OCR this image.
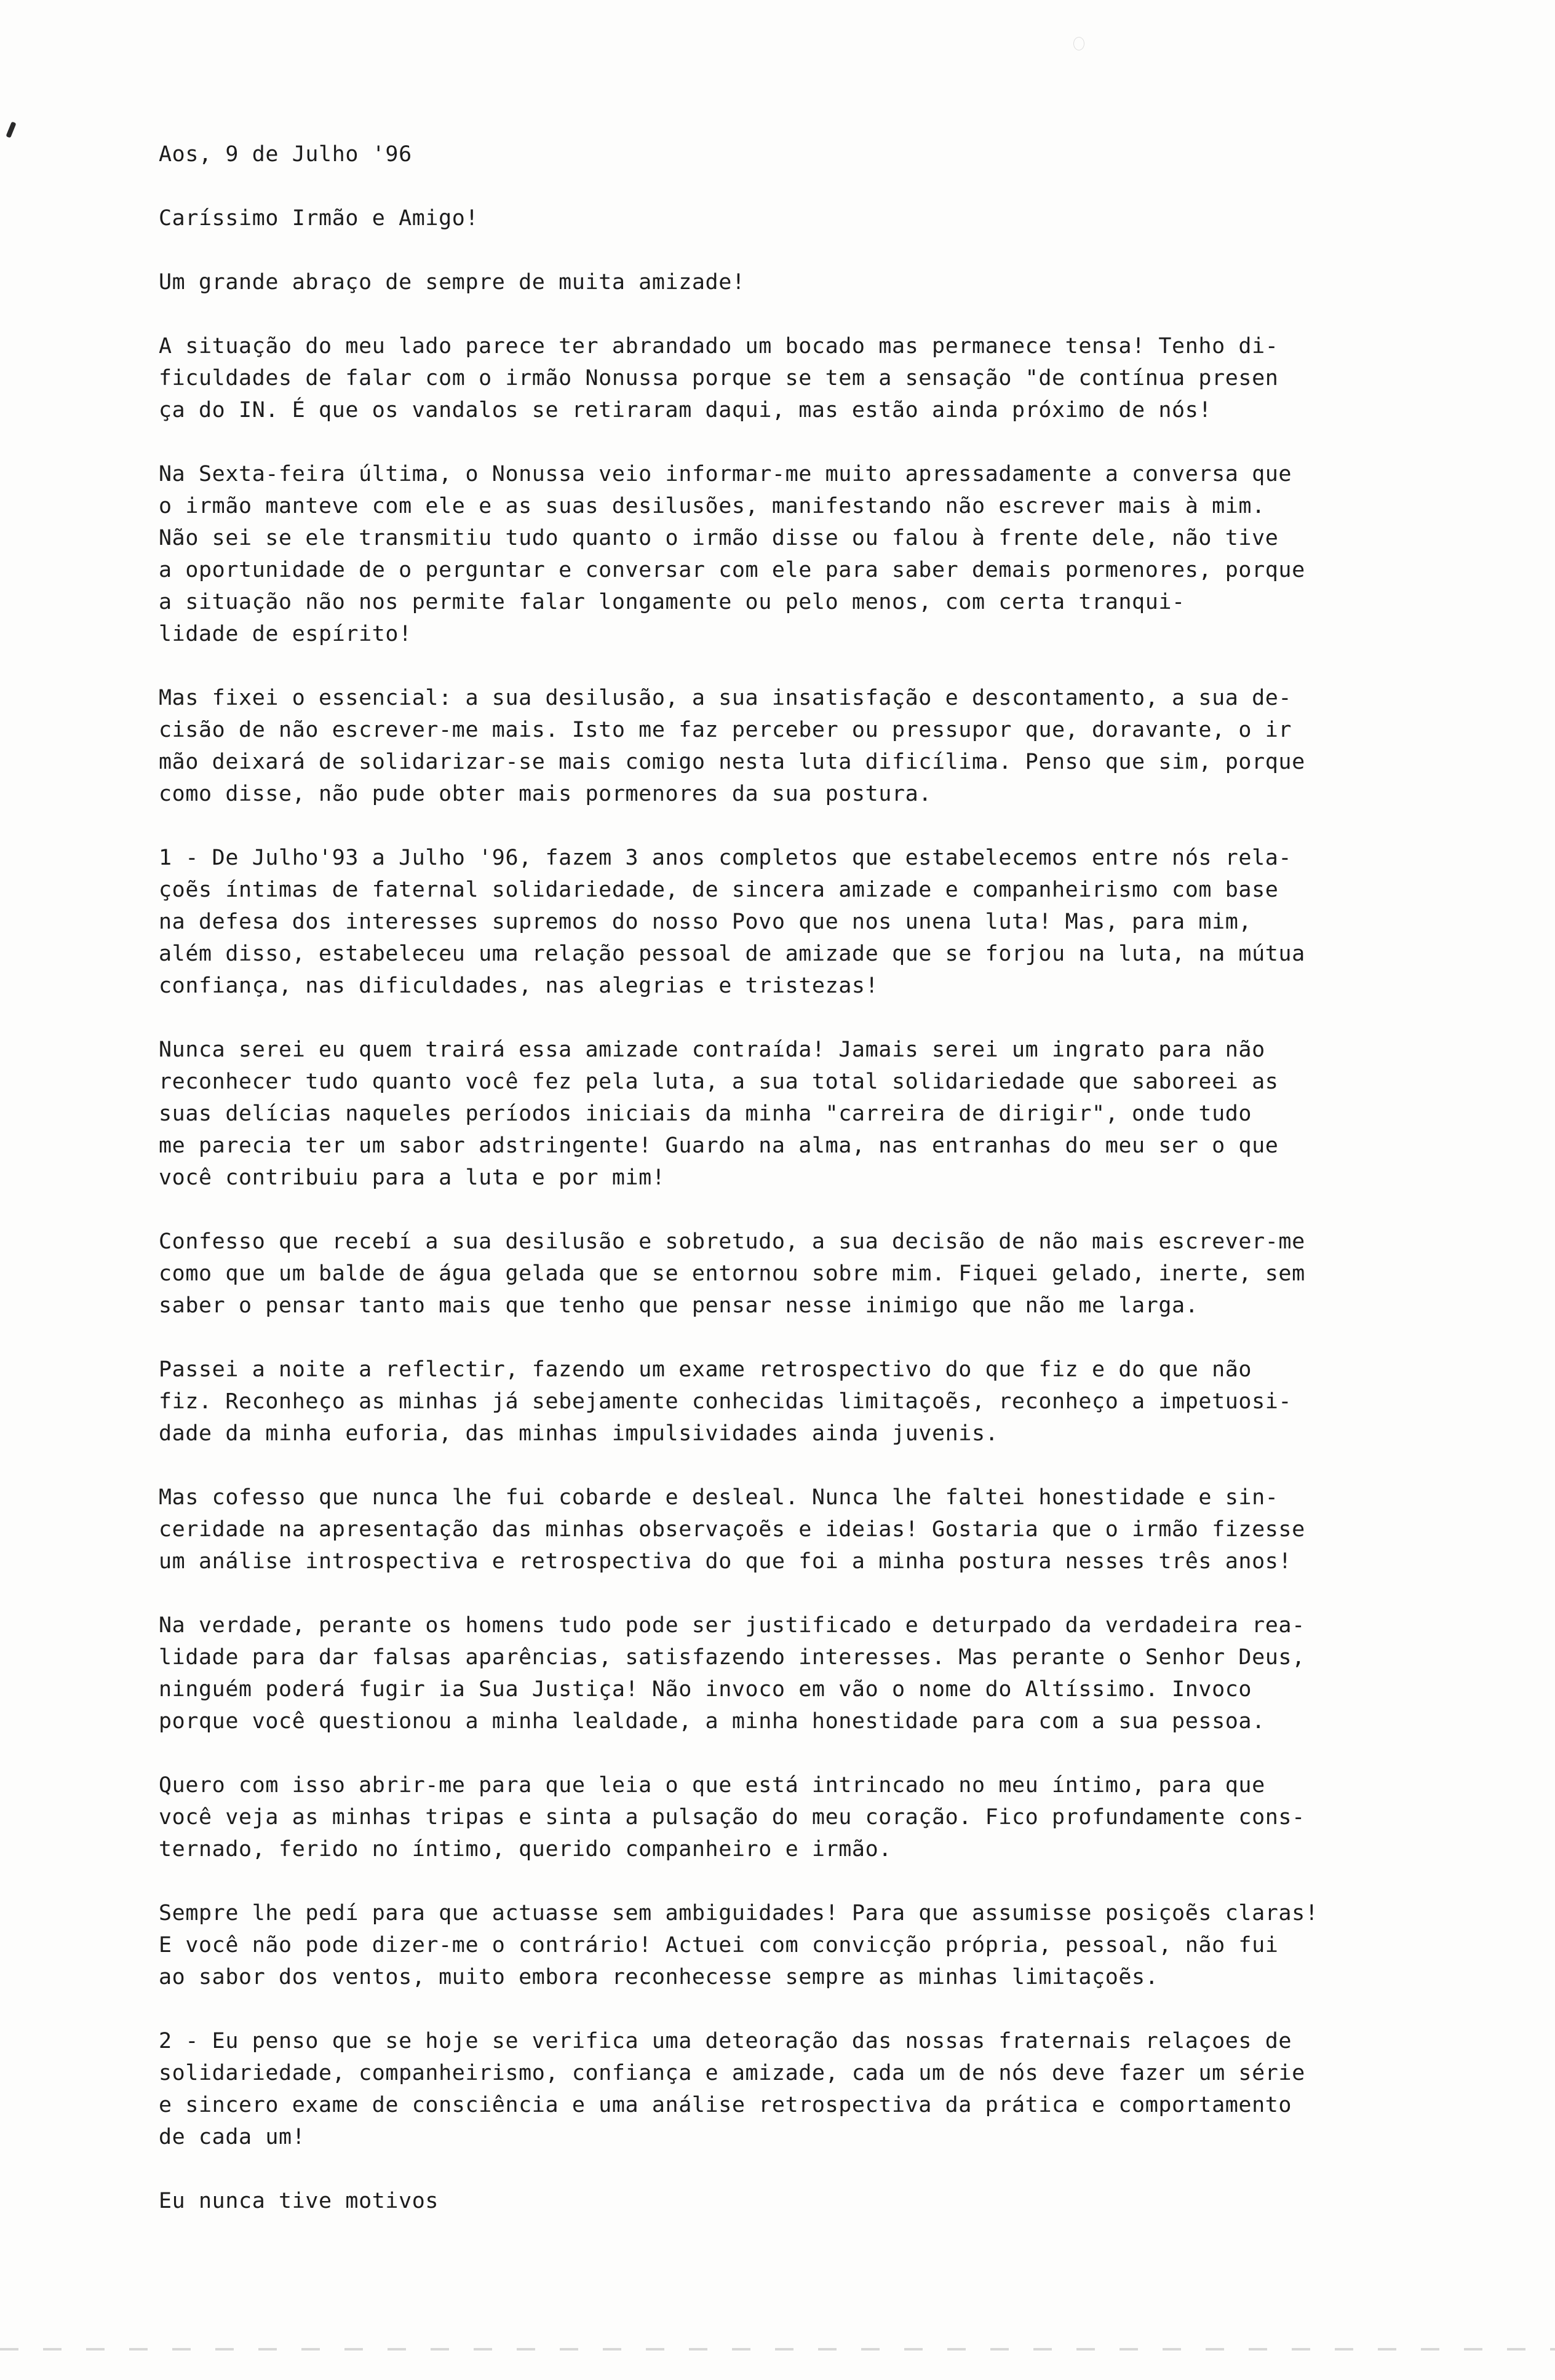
Aos, 9 de Julho '96

Caríssimo Irmão e Amigo!

Um grande abraço de sempre de muita amizade!

A situação do meu lado parece ter abrandado um bocado mas permanece tensa! Tenho di-
ficuldades de falar com o irmão Nonussa porque se tem a sensação "de contínua presen
ça do IN. É que os vandalos se retiraram daqui, mas estão ainda próximo de nós!

Na Sexta-feira última, o Nonussa veio informar-me muito apressadamente a conversa que
o irmão manteve com ele e as suas desilusões, manifestando não escrever mais à mim.
Não sei se ele transmitiu tudo quanto o irmão disse ou falou à frente dele, não tive
a oportunidade de o perguntar e conversar com ele para saber demais pormenores, porque
a situação não nos permite falar longamente ou pelo menos, com certa tranqui-
lidade de espírito!

Mas fixei o essencial: a sua desilusão, a sua insatisfação e descontamento, a sua de-
cisão de não escrever-me mais. Isto me faz perceber ou pressupor que, doravante, o ir
mão deixará de solidarizar-se mais comigo nesta luta dificílima. Penso que sim, porque
como disse, não pude obter mais pormenores da sua postura.

1 - De Julho'93 a Julho '96, fazem 3 anos completos que estabelecemos entre nós rela-
çoẽs íntimas de faternal solidariedade, de sincera amizade e companheirismo com base
na defesa dos interesses supremos do nosso Povo que nos unena luta! Mas, para mim,
além disso, estabeleceu uma relação pessoal de amizade que se forjou na luta, na mútua
confiança, nas dificuldades, nas alegrias e tristezas!

Nunca serei eu quem trairá essa amizade contraída! Jamais serei um ingrato para não
reconhecer tudo quanto você fez pela luta, a sua total solidariedade que saboreei as
suas delícias naqueles períodos iniciais da minha "carreira de dirigir", onde tudo
me parecia ter um sabor adstringente! Guardo na alma, nas entranhas do meu ser o que
você contribuiu para a luta e por mim!

Confesso que recebí a sua desilusão e sobretudo, a sua decisão de não mais escrever-me
como que um balde de água gelada que se entornou sobre mim. Fiquei gelado, inerte, sem
saber o pensar tanto mais que tenho que pensar nesse inimigo que não me larga.

Passei a noite a reflectir, fazendo um exame retrospectivo do que fiz e do que não
fiz. Reconheço as minhas já sebejamente conhecidas limitaçoẽs, reconheço a impetuosi-
dade da minha euforia, das minhas impulsividades ainda juvenis.

Mas cofesso que nunca lhe fui cobarde e desleal. Nunca lhe faltei honestidade e sin-
ceridade na apresentação das minhas observaçoẽs e ideias! Gostaria que o irmão fizesse
um análise introspectiva e retrospectiva do que foi a minha postura nesses três anos!

Na verdade, perante os homens tudo pode ser justificado e deturpado da verdadeira rea-
lidade para dar falsas aparências, satisfazendo interesses. Mas perante o Senhor Deus,
ninguém poderá fugir ia Sua Justiça! Não invoco em vão o nome do Altíssimo. Invoco
porque você questionou a minha lealdade, a minha honestidade para com a sua pessoa.

Quero com isso abrir-me para que leia o que está intrincado no meu íntimo, para que
você veja as minhas tripas e sinta a pulsação do meu coração. Fico profundamente cons-
ternado, ferido no íntimo, querido companheiro e irmão.

Sempre lhe pedí para que actuasse sem ambiguidades! Para que assumisse posiçoẽs claras!
E você não pode dizer-me o contrário! Actuei com convicção própria, pessoal, não fui
ao sabor dos ventos, muito embora reconhecesse sempre as minhas limitaçoẽs.

2 - Eu penso que se hoje se verifica uma deteoração das nossas fraternais relaçoes de
solidariedade, companheirismo, confiança e amizade, cada um de nós deve fazer um série
e sincero exame de consciência e uma análise retrospectiva da prática e comportamento
de cada um!

Eu nunca tive motivos
